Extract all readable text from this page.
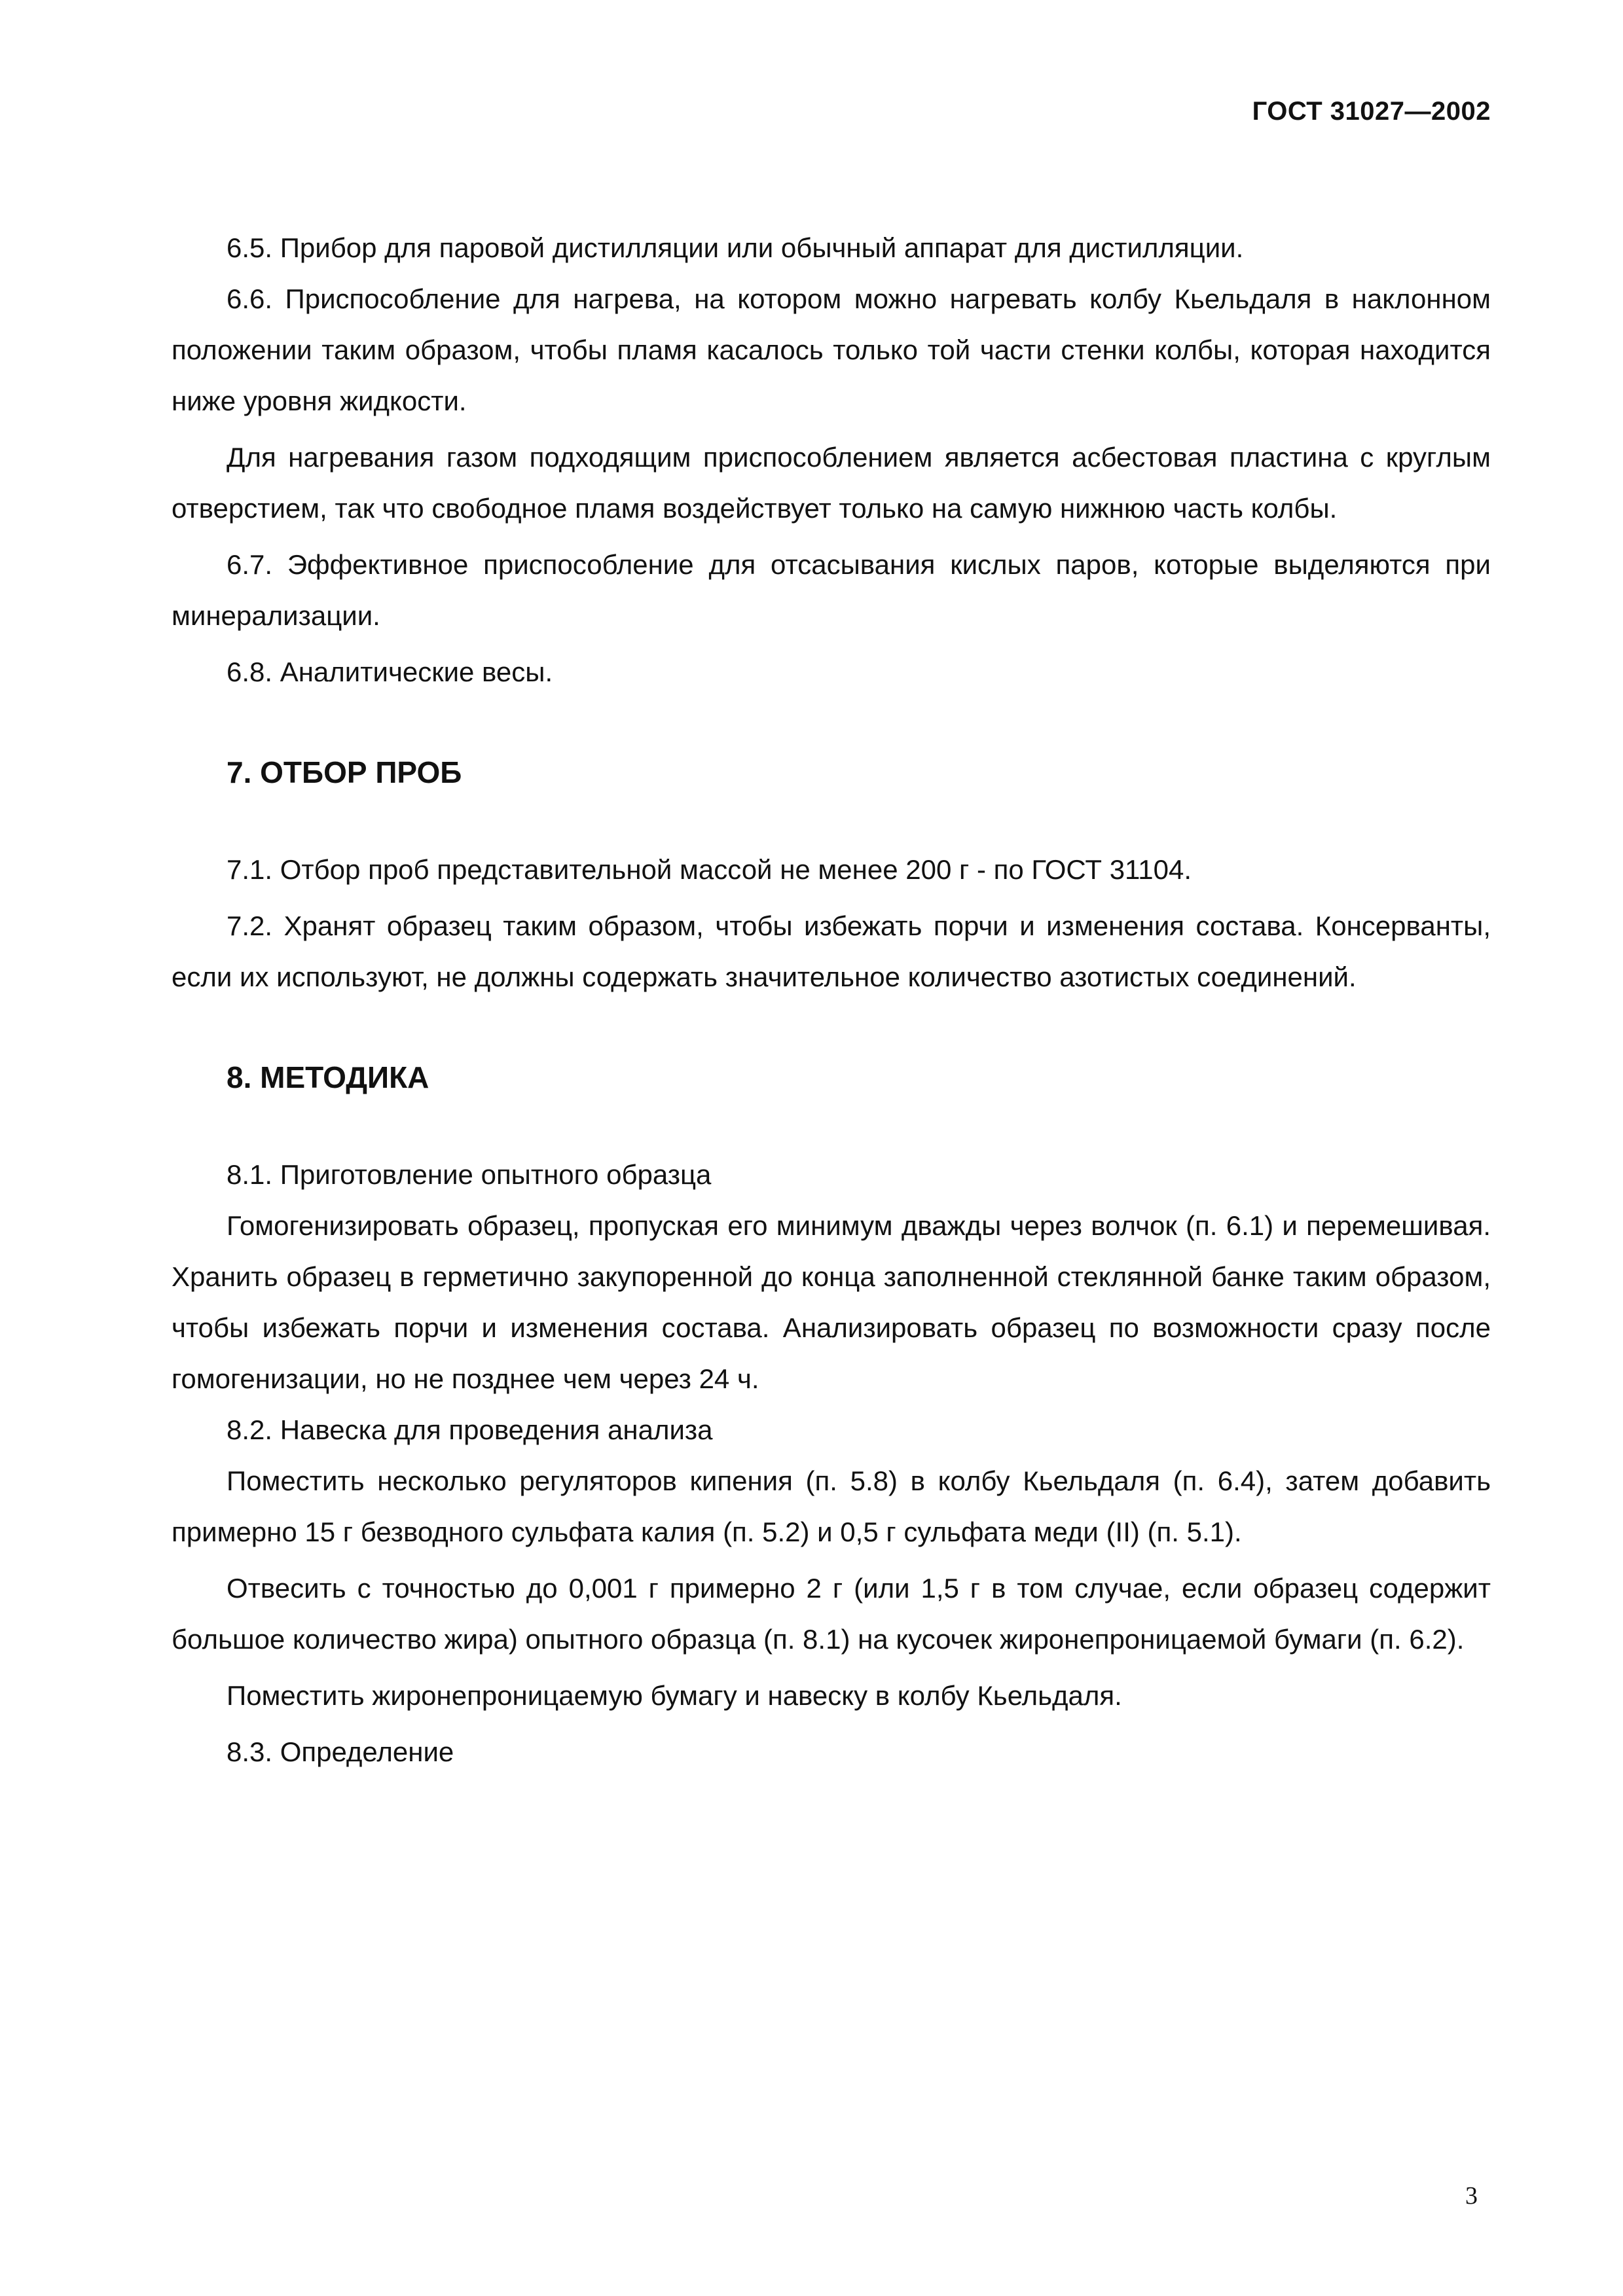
ГОСТ 31027—2002

6.5. Прибор для паровой дистилляции или обычный аппарат для дистилляции.

6.6. Приспособление для нагрева, на котором можно нагревать колбу Кьельдаля в наклонном положении таким образом, чтобы пламя касалось только той части стенки колбы, которая находится ниже уровня жидкости.

Для нагревания газом подходящим приспособлением является асбестовая пластина с круглым отверстием, так что свободное пламя воздействует только на самую нижнюю часть колбы.

6.7. Эффективное приспособление для отсасывания кислых паров, которые выделяются при минерализации.

6.8. Аналитические весы.

7. ОТБОР ПРОБ

7.1. Отбор проб представительной массой не менее 200 г - по ГОСТ 31104.

7.2. Хранят образец таким образом, чтобы избежать порчи и изменения состава. Консерванты, если их используют, не должны содержать значительное количество азотистых соединений.

8. МЕТОДИКА

8.1. Приготовление опытного образца

Гомогенизировать образец, пропуская его минимум дважды через волчок (п. 6.1) и перемешивая. Хранить образец в герметично закупоренной до конца заполненной стеклянной банке таким образом, чтобы избежать порчи и изменения состава. Анализировать образец по возможности сразу после гомогенизации, но не позднее чем через 24 ч.

8.2. Навеска для проведения анализа

Поместить несколько регуляторов кипения (п. 5.8) в колбу Кьельдаля (п. 6.4), затем добавить примерно 15 г безводного сульфата калия (п. 5.2) и 0,5 г сульфата меди (II) (п. 5.1).

Отвесить с точностью до 0,001 г примерно 2 г (или 1,5 г в том случае, если образец содержит большое количество жира) опытного образца (п. 8.1) на кусочек жиронепроницаемой бумаги (п. 6.2).

Поместить жиронепроницаемую бумагу и навеску в колбу Кьельдаля.

8.3. Определение

3
